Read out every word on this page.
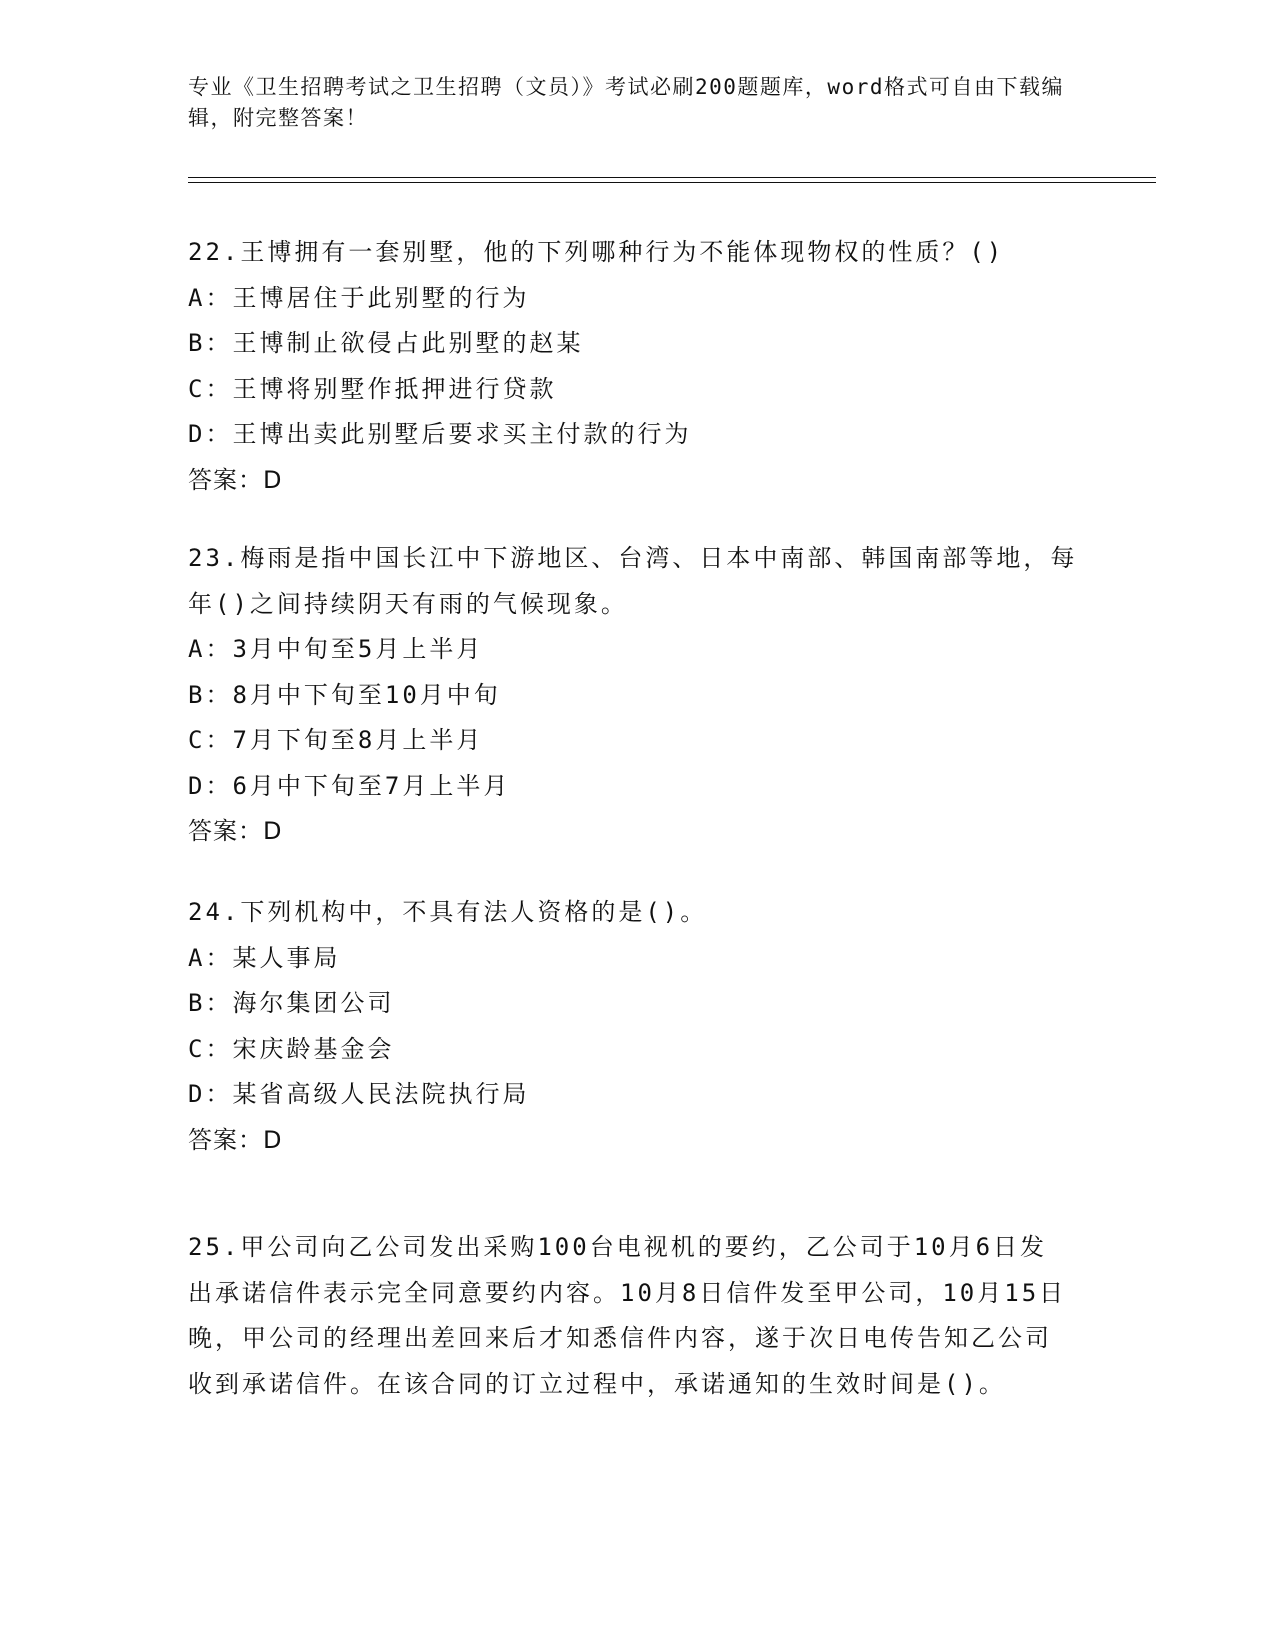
专业《卫生招聘考试之卫生招聘（文员）》考试必刷200题题库，word格式可自由下载编辑，附完整答案！
22.王博拥有一套别墅，他的下列哪种行为不能体现物权的性质？()
A：王博居住于此别墅的行为
B：王博制止欲侵占此别墅的赵某
C：王博将别墅作抵押进行贷款
D：王博出卖此别墅后要求买主付款的行为
答案：D
23.梅雨是指中国长江中下游地区、台湾、日本中南部、韩国南部等地，每年()之间持续阴天有雨的气候现象。
A：3月中旬至5月上半月
B：8月中下旬至10月中旬
C：7月下旬至8月上半月
D：6月中下旬至7月上半月
答案：D
24.下列机构中，不具有法人资格的是()。
A：某人事局
B：海尔集团公司
C：宋庆龄基金会
D：某省高级人民法院执行局
答案：D
25.甲公司向乙公司发出采购100台电视机的要约，乙公司于10月6日发出承诺信件表示完全同意要约内容。10月8日信件发至甲公司，10月15日晚，甲公司的经理出差回来后才知悉信件内容，遂于次日电传告知乙公司收到承诺信件。在该合同的订立过程中，承诺通知的生效时间是()。
